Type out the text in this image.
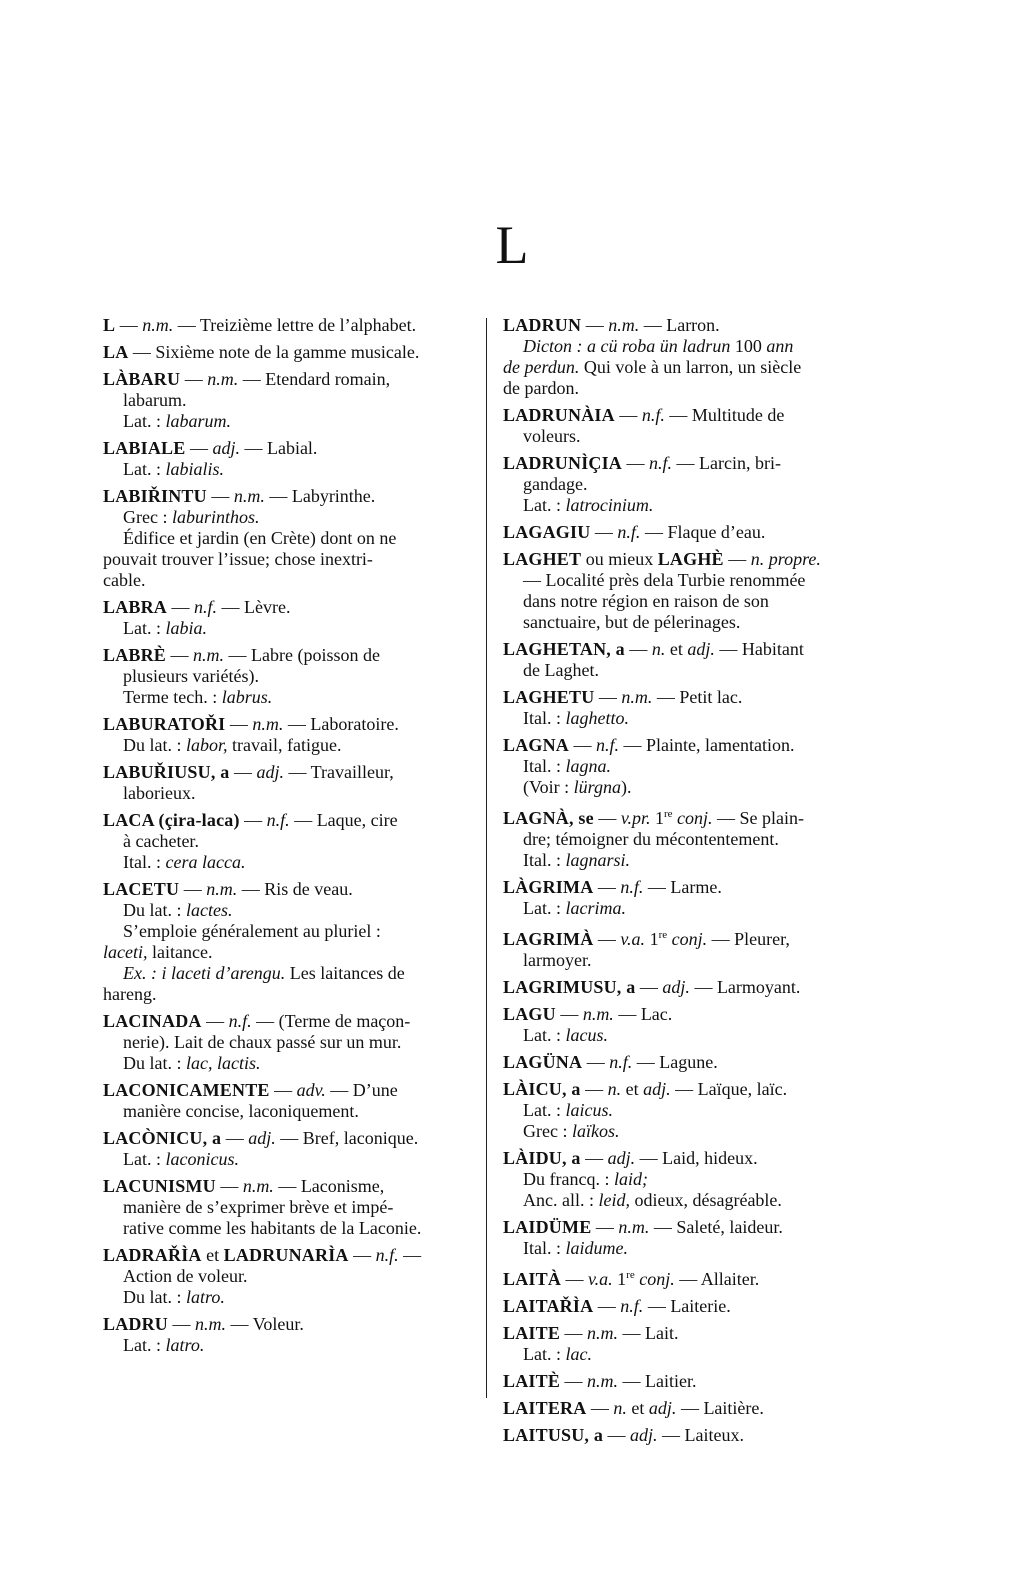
L
L — n.m. — Treizième lettre de l’alphabet.
LA — Sixième note de la gamme musicale.
LÀBARU — n.m. — Etendard romain,
labarum.
Lat. : labarum.
LABIALE — adj. — Labial.
Lat. : labialis.
LABIŘINTU — n.m. — Labyrinthe.
Grec : laburinthos.
Édifice et jardin (en Crète) dont on ne
pouvait trouver l’issue; chose inextri-
cable.
LABRA — n.f. — Lèvre.
Lat. : labia.
LABRÈ — n.m. — Labre (poisson de
plusieurs variétés).
Terme tech. : labrus.
LABURATOŘI — n.m. — Laboratoire.
Du lat. : labor, travail, fatigue.
LABUŘIUSU, a — adj. — Travailleur,
laborieux.
LACA (çira-laca) — n.f. — Laque, cire
à cacheter.
Ital. : cera lacca.
LACETU — n.m. — Ris de veau.
Du lat. : lactes.
S’emploie généralement au pluriel :
laceti, laitance.
Ex. : i laceti d’arengu. Les laitances de
hareng.
LACINADA — n.f. — (Terme de maçon-
nerie). Lait de chaux passé sur un mur.
Du lat. : lac, lactis.
LACONICAMENTE — adv. — D’une
manière concise, laconiquement.
LACÒNICU, a — adj. — Bref, laconique.
Lat. : laconicus.
LACUNISMU — n.m. — Laconisme,
manière de s’exprimer brève et impé-
rative comme les habitants de la Laconie.
LADRAŘÌA et LADRUNARÌA — n.f. —
Action de voleur.
Du lat. : latro.
LADRU — n.m. — Voleur.
Lat. : latro.
LADRUN — n.m. — Larron.
Dicton : a cü roba ün ladrun 100 ann
de perdun. Qui vole à un larron, un siècle
de pardon.
LADRUNÀIA — n.f. — Multitude de
voleurs.
LADRUNÌÇIA — n.f. — Larcin, bri-
gandage.
Lat. : latrocinium.
LAGAGIU — n.f. — Flaque d’eau.
LAGHET ou mieux LAGHÈ — n. propre.
— Localité près dela Turbie renommée
dans notre région en raison de son
sanctuaire, but de pélerinages.
LAGHETAN, a — n. et adj. — Habitant
de Laghet.
LAGHETU — n.m. — Petit lac.
Ital. : laghetto.
LAGNA — n.f. — Plainte, lamentation.
Ital. : lagna.
(Voir : lürgna).
LAGNÀ, se — v.pr. 1re conj. — Se plain-
dre; témoigner du mécontentement.
Ital. : lagnarsi.
LÀGRIMA — n.f. — Larme.
Lat. : lacrima.
LAGRIMÀ — v.a. 1re conj. — Pleurer,
larmoyer.
LAGRIMUSU, a — adj. — Larmoyant.
LAGU — n.m. — Lac.
Lat. : lacus.
LAGÜNA — n.f. — Lagune.
LÀICU, a — n. et adj. — Laïque, laïc.
Lat. : laicus.
Grec : laïkos.
LÀIDU, a — adj. — Laid, hideux.
Du francq. : laid;
Anc. all. : leid, odieux, désagréable.
LAIDÜME — n.m. — Saleté, laideur.
Ital. : laidume.
LAITÀ — v.a. 1re conj. — Allaiter.
LAITAŘÌA — n.f. — Laiterie.
LAITE — n.m. — Lait.
Lat. : lac.
LAITÈ — n.m. — Laitier.
LAITERA — n. et adj. — Laitière.
LAITUSU, a — adj. — Laiteux.
